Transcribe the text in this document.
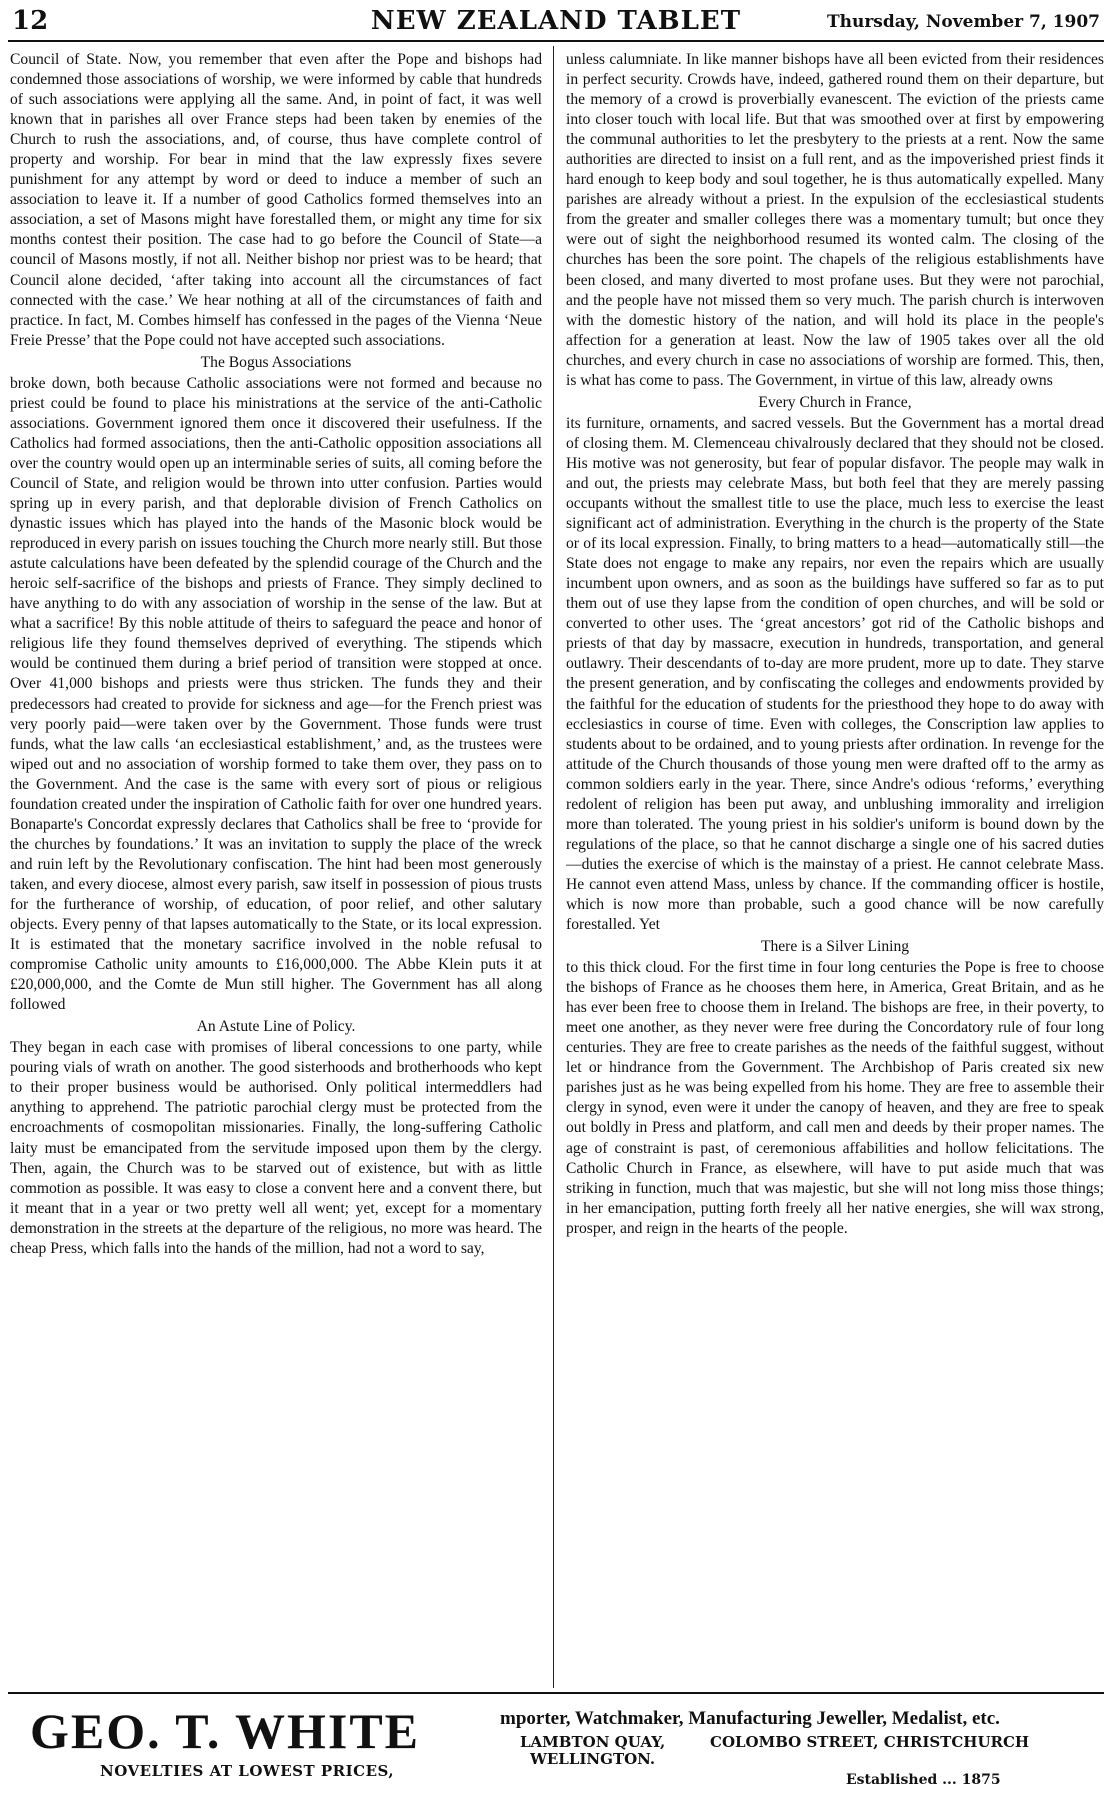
12	NEW ZEALAND TABLET	Thursday, November 7, 1907

Council of State. Now, you remember that even after the Pope and bishops had condemned those associations of worship, we were informed by cable that hundreds of such associations were applying all the same. And, in point of fact, it was well known that in parishes all over France steps had been taken by enemies of the Church to rush the associations, and, of course, thus have complete control of property and worship. For bear in mind that the law expressly fixes severe punishment for any attempt by word or deed to induce a member of such an association to leave it. If a number of good Catholics formed themselves into an association, a set of Masons might have forestalled them, or might any time for six months contest their position. The case had to go before the Council of State—a council of Masons mostly, if not all. Neither bishop nor priest was to be heard; that Council alone decided, ‘after taking into account all the circumstances of fact connected with the case.’ We hear nothing at all of the circumstances of faith and practice. In fact, M. Combes himself has confessed in the pages of the Vienna ‘Neue Freie Presse’ that the Pope could not have accepted such associations.

The Bogus Associations

broke down, both because Catholic associations were not formed and because no priest could be found to place his ministrations at the service of the anti-Catholic associations. Government ignored them once it discovered their usefulness. If the Catholics had formed associations, then the anti-Catholic opposition associations all over the country would open up an interminable series of suits, all coming before the Council of State, and religion would be thrown into utter confusion. Parties would spring up in every parish, and that deplorable division of French Catholics on dynastic issues which has played into the hands of the Masonic block would be reproduced in every parish on issues touching the Church more nearly still. But those astute calculations have been defeated by the splendid courage of the Church and the heroic self-sacrifice of the bishops and priests of France. They simply declined to have anything to do with any association of worship in the sense of the law. But at what a sacrifice! By this noble attitude of theirs to safeguard the peace and honor of religious life they found themselves deprived of everything. The stipends which would be continued them during a brief period of transition were stopped at once. Over 41,000 bishops and priests were thus stricken. The funds they and their predecessors had created to provide for sickness and age—for the French priest was very poorly paid—were taken over by the Government. Those funds were trust funds, what the law calls ‘an ecclesiastical establishment,’ and, as the trustees were wiped out and no association of worship formed to take them over, they pass on to the Government. And the case is the same with every sort of pious or religious foundation created under the inspiration of Catholic faith for over one hundred years. Bonaparte's Concordat expressly declares that Catholics shall be free to ‘provide for the churches by foundations.’ It was an invitation to supply the place of the wreck and ruin left by the Revolutionary confiscation. The hint had been most generously taken, and every diocese, almost every parish, saw itself in possession of pious trusts for the furtherance of worship, of education, of poor relief, and other salutary objects. Every penny of that lapses automatically to the State, or its local expression. It is estimated that the monetary sacrifice involved in the noble refusal to compromise Catholic unity amounts to £16,000,000. The Abbe Klein puts it at £20,000,000, and the Comte de Mun still higher. The Government has all along followed

An Astute Line of Policy.

They began in each case with promises of liberal concessions to one party, while pouring vials of wrath on another. The good sisterhoods and brotherhoods who kept to their proper business would be authorised. Only political intermeddlers had anything to apprehend. The patriotic parochial clergy must be protected from the encroachments of cosmopolitan missionaries. Finally, the long-suffering Catholic laity must be emancipated from the servitude imposed upon them by the clergy. Then, again, the Church was to be starved out of existence, but with as little commotion as possible. It was easy to close a convent here and a convent there, but it meant that in a year or two pretty well all went; yet, except for a momentary demonstration in the streets at the departure of the religious, no more was heard. The cheap Press, which falls into the hands of the million, had not a word to say,

unless calumniate. In like manner bishops have all been evicted from their residences in perfect security. Crowds have, indeed, gathered round them on their departure, but the memory of a crowd is proverbially evanescent. The eviction of the priests came into closer touch with local life. But that was smoothed over at first by empowering the communal authorities to let the presbytery to the priests at a rent. Now the same authorities are directed to insist on a full rent, and as the impoverished priest finds it hard enough to keep body and soul together, he is thus automatically expelled. Many parishes are already without a priest. In the expulsion of the ecclesiastical students from the greater and smaller colleges there was a momentary tumult; but once they were out of sight the neighborhood resumed its wonted calm. The closing of the churches has been the sore point. The chapels of the religious establishments have been closed, and many diverted to most profane uses. But they were not parochial, and the people have not missed them so very much. The parish church is interwoven with the domestic history of the nation, and will hold its place in the people's affection for a generation at least. Now the law of 1905 takes over all the old churches, and every church in case no associations of worship are formed. This, then, is what has come to pass. The Government, in virtue of this law, already owns

Every Church in France,

its furniture, ornaments, and sacred vessels. But the Government has a mortal dread of closing them. M. Clemenceau chivalrously declared that they should not be closed. His motive was not generosity, but fear of popular disfavor. The people may walk in and out, the priests may celebrate Mass, but both feel that they are merely passing occupants without the smallest title to use the place, much less to exercise the least significant act of administration. Everything in the church is the property of the State or of its local expression. Finally, to bring matters to a head—automatically still—the State does not engage to make any repairs, nor even the repairs which are usually incumbent upon owners, and as soon as the buildings have suffered so far as to put them out of use they lapse from the condition of open churches, and will be sold or converted to other uses. The ‘great ancestors’ got rid of the Catholic bishops and priests of that day by massacre, execution in hundreds, transportation, and general outlawry. Their descendants of to-day are more prudent, more up to date. They starve the present generation, and by confiscating the colleges and endowments provided by the faithful for the education of students for the priesthood they hope to do away with ecclesiastics in course of time. Even with colleges, the Conscription law applies to students about to be ordained, and to young priests after ordination. In revenge for the attitude of the Church thousands of those young men were drafted off to the army as common soldiers early in the year. There, since Andre's odious ‘reforms,’ everything redolent of religion has been put away, and unblushing immorality and irreligion more than tolerated. The young priest in his soldier's uniform is bound down by the regulations of the place, so that he cannot discharge a single one of his sacred duties—duties the exercise of which is the mainstay of a priest. He cannot celebrate Mass. He cannot even attend Mass, unless by chance. If the commanding officer is hostile, which is now more than probable, such a good chance will be now carefully forestalled. Yet

There is a Silver Lining

to this thick cloud. For the first time in four long centuries the Pope is free to choose the bishops of France as he chooses them here, in America, Great Britain, and as he has ever been free to choose them in Ireland. The bishops are free, in their poverty, to meet one another, as they never were free during the Concordatory rule of four long centuries. They are free to create parishes as the needs of the faithful suggest, without let or hindrance from the Government. The Archbishop of Paris created six new parishes just as he was being expelled from his home. They are free to assemble their clergy in synod, even were it under the canopy of heaven, and they are free to speak out boldly in Press and platform, and call men and deeds by their proper names. The age of constraint is past, of ceremonious affabilities and hollow felicitations. The Catholic Church in France, as elsewhere, will have to put aside much that was striking in function, much that was majestic, but she will not long miss those things; in her emancipation, putting forth freely all her native energies, she will wax strong, prosper, and reign in the hearts of the people.

GEO. T. WHITE
NOVELTIES AT LOWEST PRICES,
mporter, Watchmaker, Manufacturing Jeweller, Medalist, etc.
LAMBTON QUAY,
WELLINGTON.
COLOMBO STREET, CHRISTCHURCH
Established ... 1875
